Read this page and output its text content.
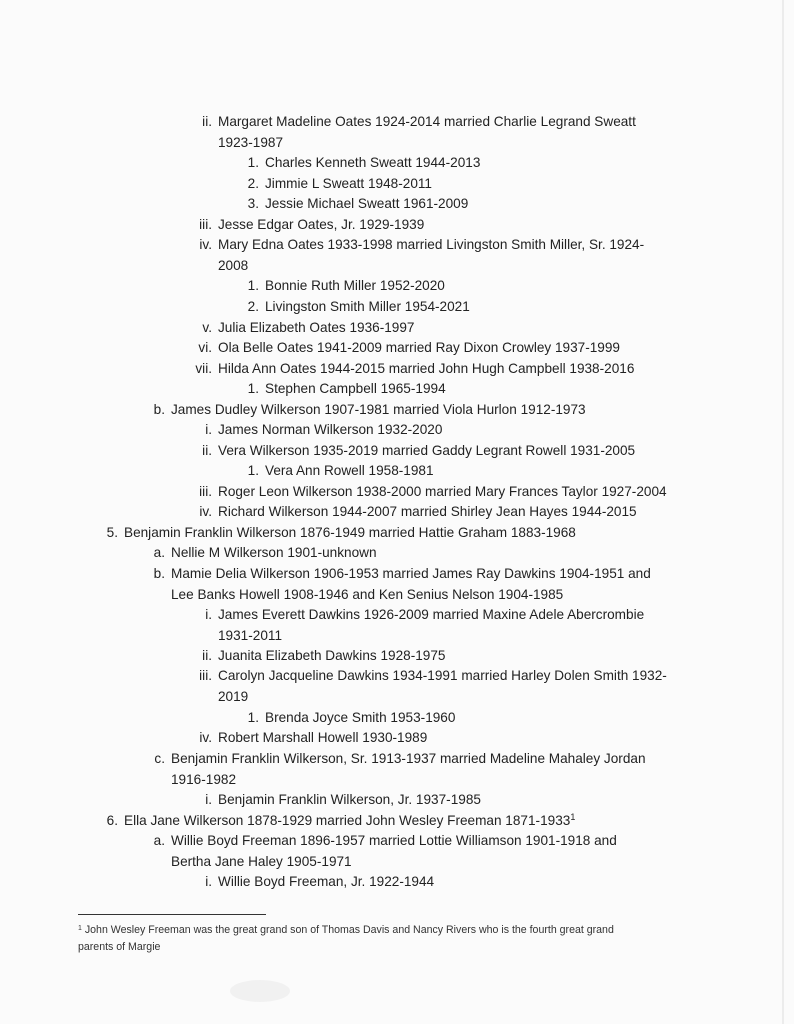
ii. Margaret Madeline Oates 1924-2014 married Charlie Legrand Sweatt
1923-1987
1. Charles Kenneth Sweatt 1944-2013
2. Jimmie L Sweatt 1948-2011
3. Jessie Michael Sweatt 1961-2009
iii. Jesse Edgar Oates, Jr. 1929-1939
iv. Mary Edna Oates 1933-1998 married Livingston Smith Miller, Sr. 1924-
2008
1. Bonnie Ruth Miller 1952-2020
2. Livingston Smith Miller 1954-2021
v. Julia Elizabeth Oates 1936-1997
vi. Ola Belle Oates 1941-2009 married Ray Dixon Crowley 1937-1999
vii. Hilda Ann Oates 1944-2015 married John Hugh Campbell 1938-2016
1. Stephen Campbell 1965-1994
b. James Dudley Wilkerson 1907-1981 married Viola Hurlon 1912-1973
i. James Norman Wilkerson 1932-2020
ii. Vera Wilkerson 1935-2019 married Gaddy Legrant Rowell 1931-2005
1. Vera Ann Rowell 1958-1981
iii. Roger Leon Wilkerson 1938-2000 married Mary Frances Taylor 1927-2004
iv. Richard Wilkerson 1944-2007 married Shirley Jean Hayes 1944-2015
5. Benjamin Franklin Wilkerson 1876-1949 married Hattie Graham 1883-1968
a. Nellie M Wilkerson 1901-unknown
b. Mamie Delia Wilkerson 1906-1953 married James Ray Dawkins 1904-1951 and
Lee Banks Howell 1908-1946 and Ken Senius Nelson 1904-1985
i. James Everett Dawkins 1926-2009 married Maxine Adele Abercrombie
1931-2011
ii. Juanita Elizabeth Dawkins 1928-1975
iii. Carolyn Jacqueline Dawkins 1934-1991 married Harley Dolen Smith 1932-
2019
1. Brenda Joyce Smith 1953-1960
iv. Robert Marshall Howell 1930-1989
c. Benjamin Franklin Wilkerson, Sr. 1913-1937 married Madeline Mahaley Jordan
1916-1982
i. Benjamin Franklin Wilkerson, Jr. 1937-1985
6. Ella Jane Wilkerson 1878-1929 married John Wesley Freeman 1871-1933$^1$
a. Willie Boyd Freeman 1896-1957 married Lottie Williamson 1901-1918 and
Bertha Jane Haley 1905-1971
i. Willie Boyd Freeman, Jr. 1922-1944
$^1$ John Wesley Freeman was the great grand son of Thomas Davis and Nancy Rivers who is the fourth great grand
parents of Margie
